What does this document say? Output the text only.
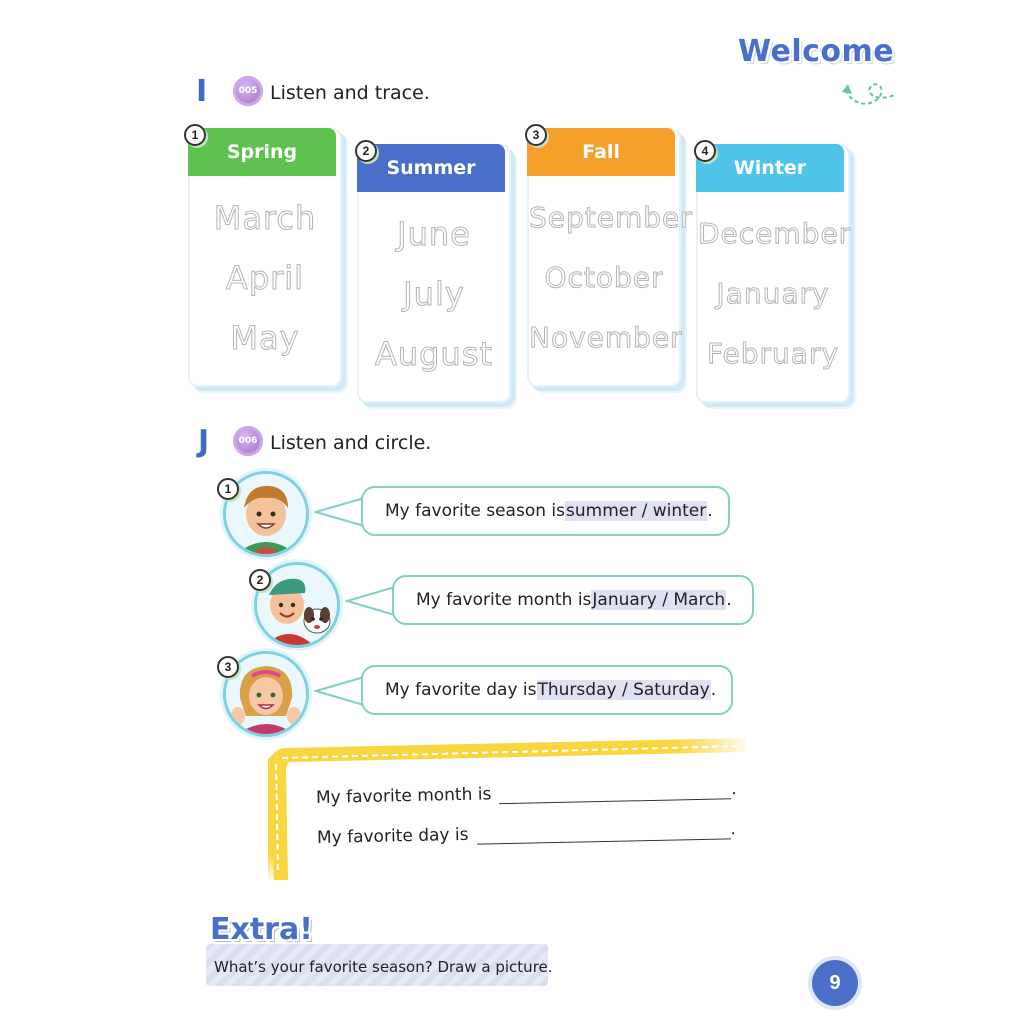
Welcome
I	005 Listen and trace.
Spring
March
April
May
1
Summer
June
July
August
2	Fall
September
October
November
3
Winter
December
January
February
4
J	006 Listen and circle.
1
My favorite season is summer / winter .
2
My favorite month is January / March .
3
My favorite day is Thursday / Saturday .
My favorite month is	.
My favorite day is	.
Extra!
What’s your favorite season? Draw a picture.
9
